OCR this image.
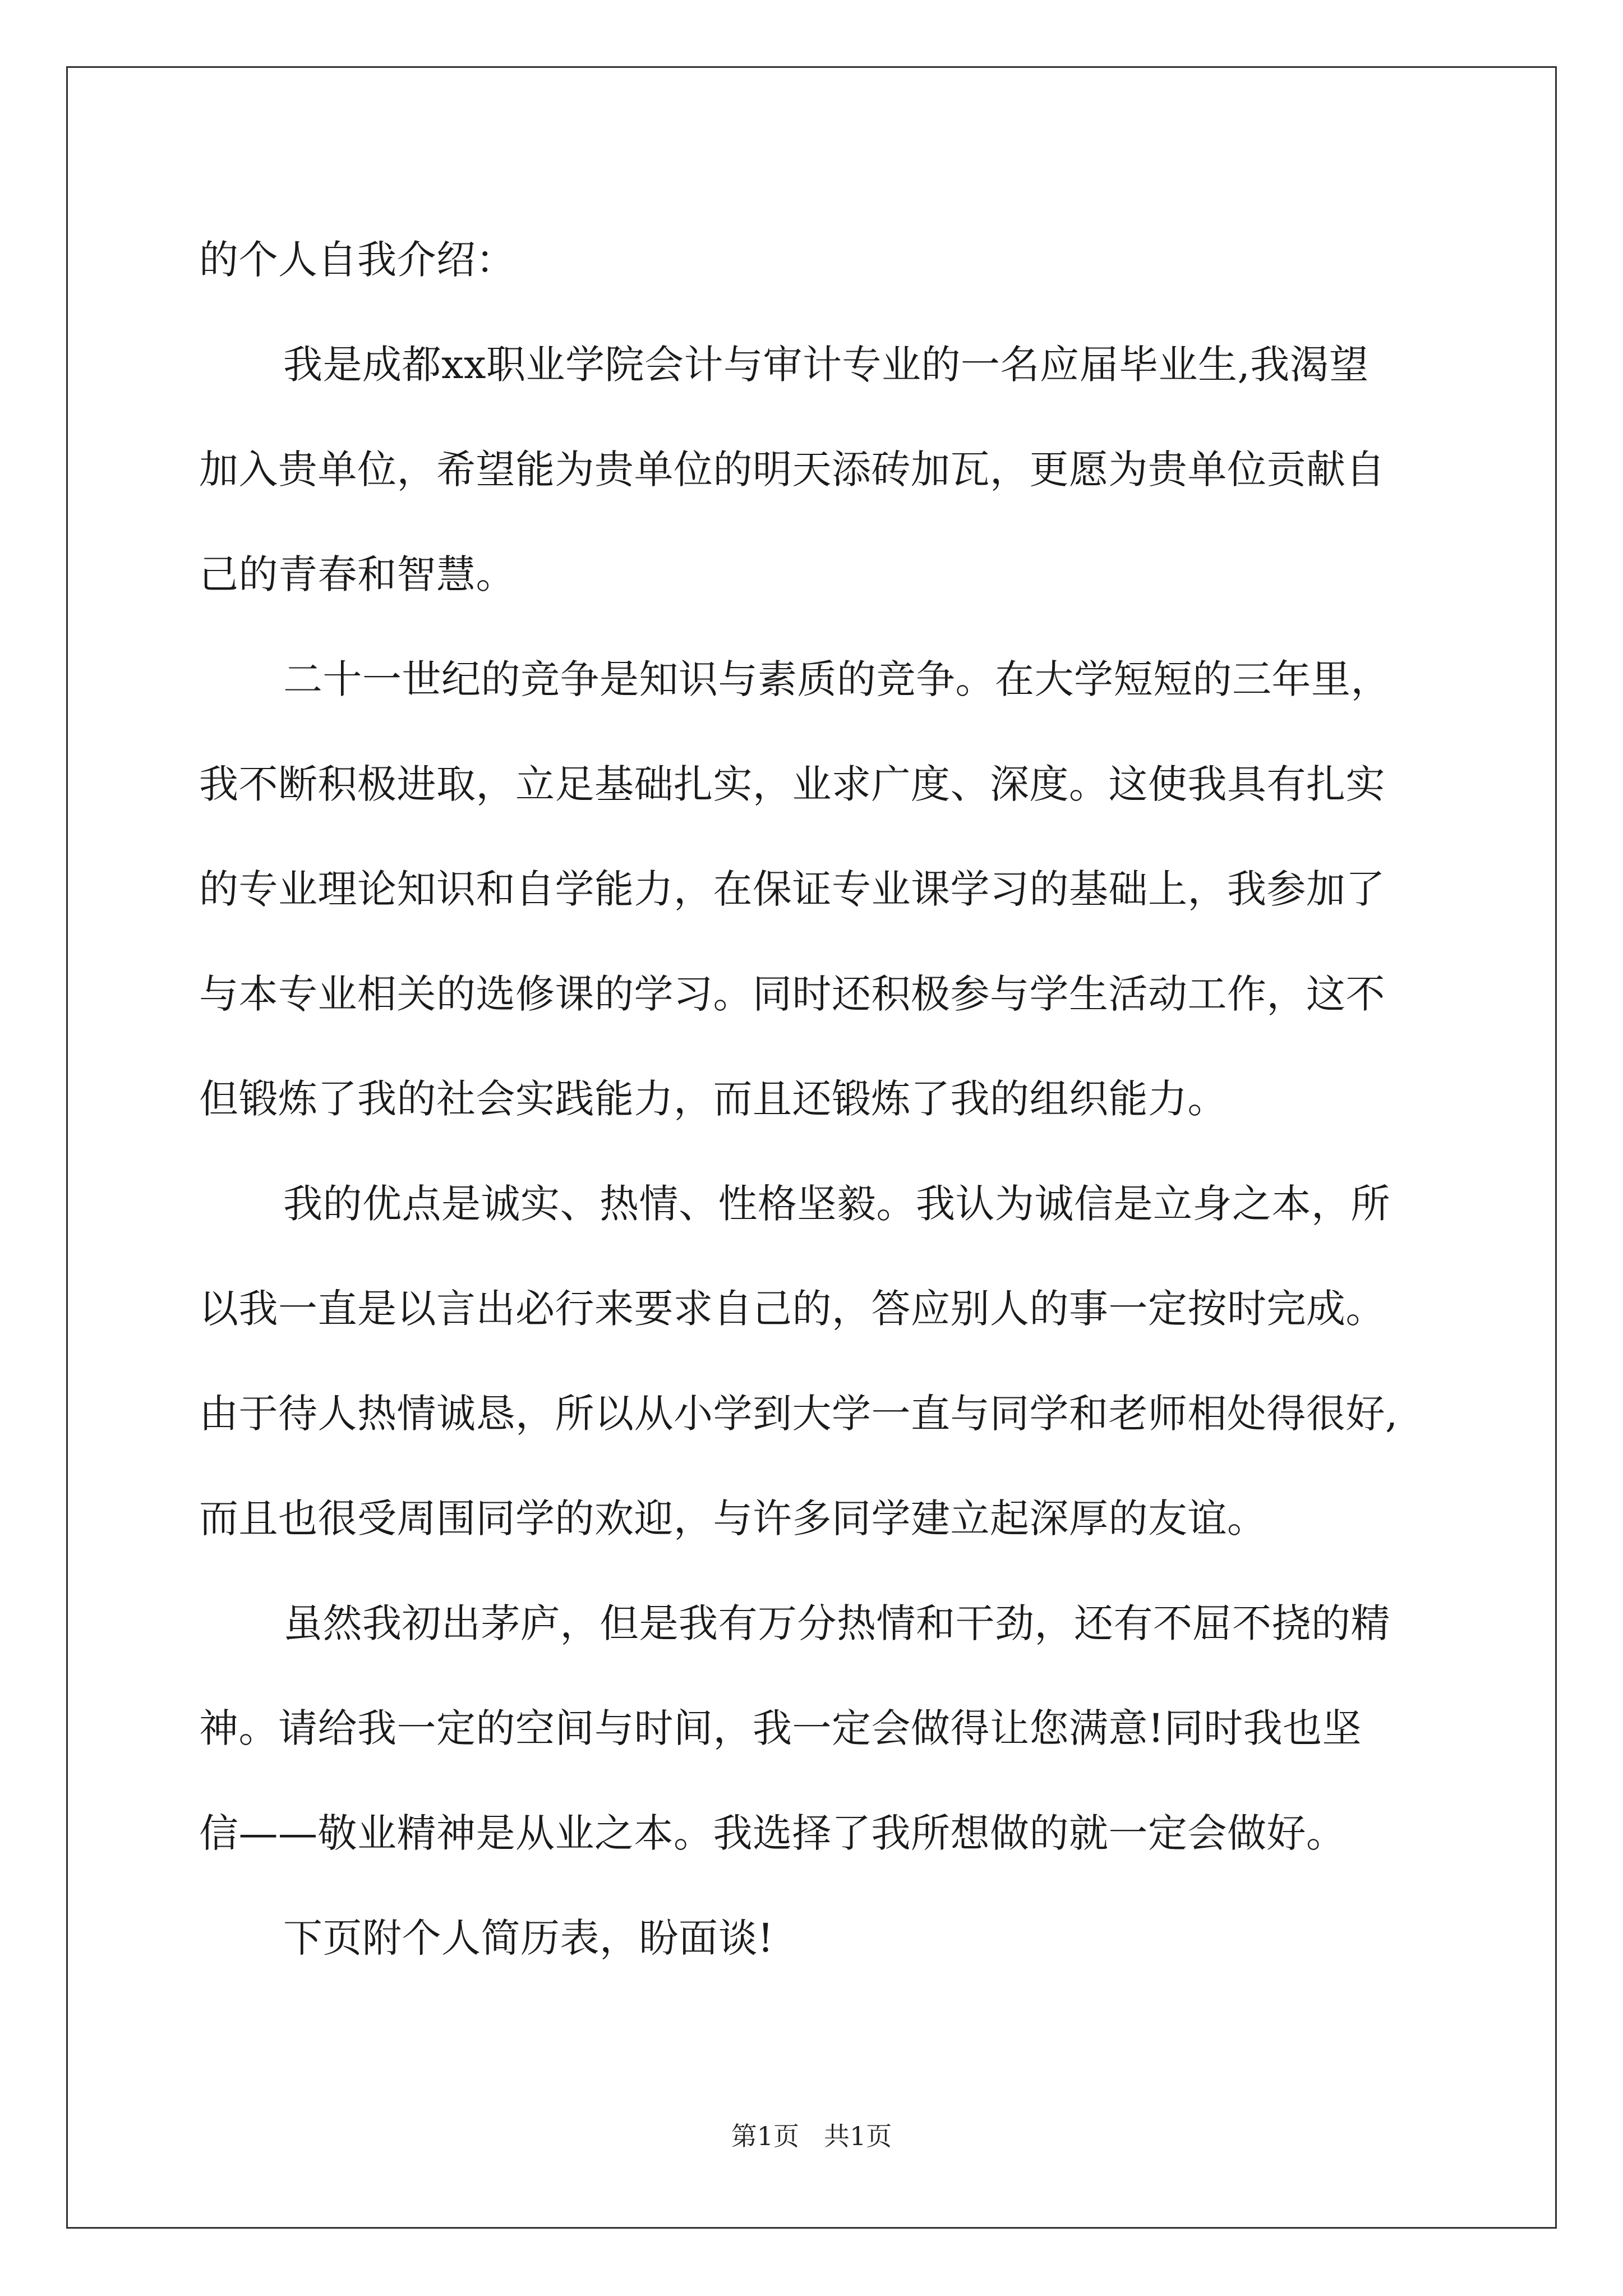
的个人自我介绍：
我是成都xx职业学院会计与审计专业的一名应届毕业生,我渴望
加入贵单位，希望能为贵单位的明天添砖加瓦，更愿为贵单位贡献自
己的青春和智慧。
二十一世纪的竞争是知识与素质的竞争。在大学短短的三年里，
我不断积极进取，立足基础扎实，业求广度、深度。这使我具有扎实
的专业理论知识和自学能力，在保证专业课学习的基础上，我参加了
与本专业相关的选修课的学习。同时还积极参与学生活动工作，这不
但锻炼了我的社会实践能力，而且还锻炼了我的组织能力。
我的优点是诚实、热情、性格坚毅。我认为诚信是立身之本，所
以我一直是以言出必行来要求自己的，答应别人的事一定按时完成。
由于待人热情诚恳，所以从小学到大学一直与同学和老师相处得很好,
而且也很受周围同学的欢迎，与许多同学建立起深厚的友谊。
虽然我初出茅庐，但是我有万分热情和干劲，还有不屈不挠的精
神。请给我一定的空间与时间，我一定会做得让您满意!同时我也坚
信——敬业精神是从业之本。我选择了我所想做的就一定会做好。
下页附个人简历表，盼面谈!
第1页 共1页
